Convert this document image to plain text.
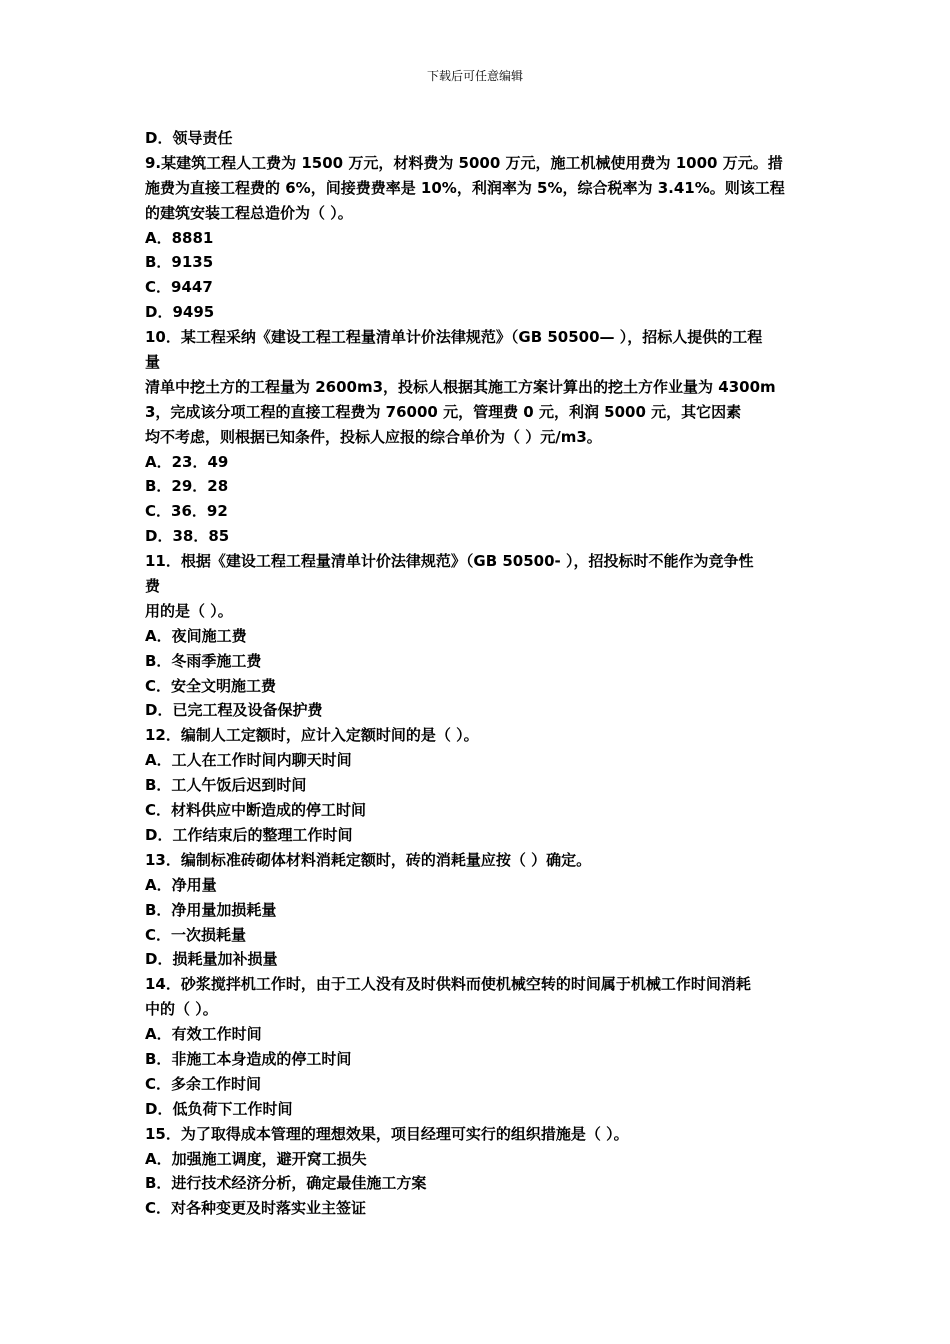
下载后可任意编辑
D．领导责任
9.某建筑工程人工费为 1500 万元，材料费为 5000 万元，施工机械使用费为 1000 万元。措
施费为直接工程费的 6%，间接费费率是 10%，利润率为 5%，综合税率为 3.41%。则该工程
的建筑安装工程总造价为（ ）。
A．8881
B．9135
C．9447
D．9495
10．某工程采纳《建设工程工程量清单计价法律规范》（GB 50500— ），招标人提供的工程
量
清单中挖土方的工程量为 2600m3，投标人根据其施工方案计算出的挖土方作业量为 4300m
3，完成该分项工程的直接工程费为 76000 元，管理费 0 元，利润 5000 元，其它因素
均不考虑，则根据已知条件，投标人应报的综合单价为（ ）元/m3。
A．23．49
B．29．28
C．36．92
D．38．85
11．根据《建设工程工程量清单计价法律规范》（GB 50500- ），招投标时不能作为竞争性
费
用的是（ ）。
A．夜间施工费
B．冬雨季施工费
C．安全文明施工费
D．已完工程及设备保护费
12．编制人工定额时，应计入定额时间的是（ ）。
A．工人在工作时间内聊天时间
B．工人午饭后迟到时间
C．材料供应中断造成的停工时间
D．工作结束后的整理工作时间
13．编制标准砖砌体材料消耗定额时，砖的消耗量应按（ ）确定。
A．净用量
B．净用量加损耗量
C．一次损耗量
D．损耗量加补损量
14．砂浆搅拌机工作时，由于工人没有及时供料而使机械空转的时间属于机械工作时间消耗
中的（ ）。
A．有效工作时间
B．非施工本身造成的停工时间
C．多余工作时间
D．低负荷下工作时间
15．为了取得成本管理的理想效果，项目经理可实行的组织措施是（ ）。
A．加强施工调度，避开窝工损失
B．进行技术经济分析，确定最佳施工方案
C．对各种变更及时落实业主签证
